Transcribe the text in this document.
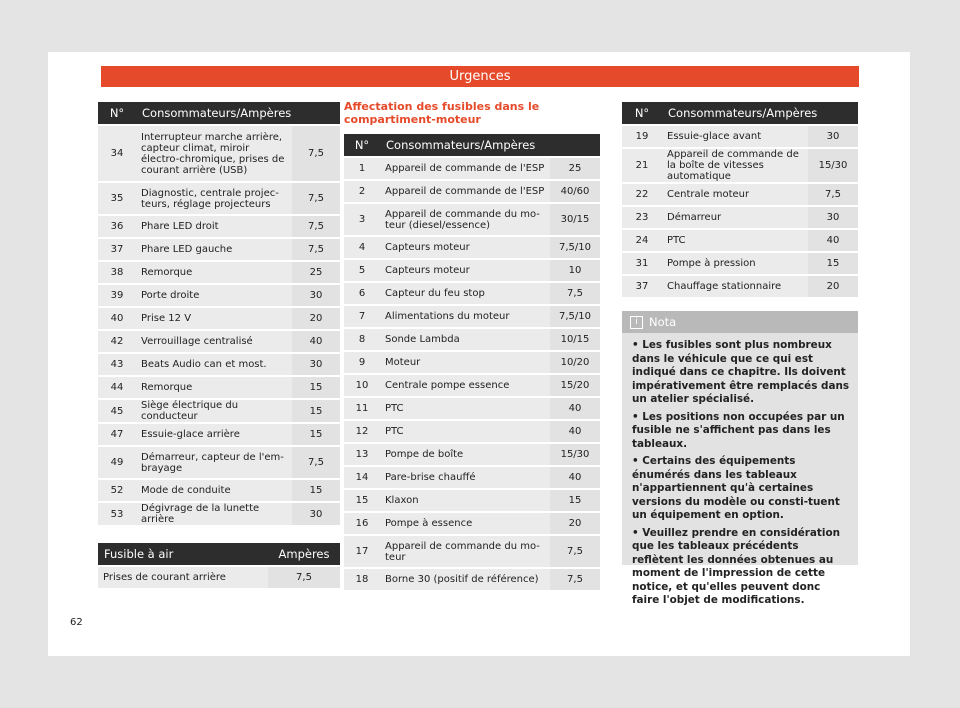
Urgences
N°	Consommateurs/Ampères	
34	Interrupteur marche arrière, capteur climat, miroir électro-chromique, prises de courant arrière (USB)	7,5
35	Diagnostic, centrale projec-teurs, réglage projecteurs	7,5
36	Phare LED droit	7,5
37	Phare LED gauche	7,5
38	Remorque	25
39	Porte droite	30
40	Prise 12 V	20
42	Verrouillage centralisé	40
43	Beats Audio can et most.	30
44	Remorque	15
45	Siège électrique du conducteur	15
47	Essuie-glace arrière	15
49	Démarreur, capteur de l'em-brayage	7,5
52	Mode de conduite	15
53	Dégivrage de la lunette arrière	30
Fusible à air	Ampères
Prises de courant arrière	7,5
Affectation des fusibles dans le compartiment-moteur
N°	Consommateurs/Ampères	
1	Appareil de commande de l'ESP	25
2	Appareil de commande de l'ESP	40/60
3	Appareil de commande du mo-teur (diesel/essence)	30/15
4	Capteurs moteur	7,5/10
5	Capteurs moteur	10
6	Capteur du feu stop	7,5
7	Alimentations du moteur	7,5/10
8	Sonde Lambda	10/15
9	Moteur	10/20
10	Centrale pompe essence	15/20
11	PTC	40
12	PTC	40
13	Pompe de boîte	15/30
14	Pare-brise chauffé	40
15	Klaxon	15
16	Pompe à essence	20
17	Appareil de commande du mo-teur	7,5
18	Borne 30 (positif de référence)	7,5
N°	Consommateurs/Ampères	
19	Essuie-glace avant	30
21	Appareil de commande de la boîte de vitesses automatique	15/30
22	Centrale moteur	7,5
23	Démarreur	30
24	PTC	40
31	Pompe à pression	15
37	Chauffage stationnaire	20
i Nota
• Les fusibles sont plus nombreux dans le véhicule que ce qui est indiqué dans ce chapitre. Ils doivent impérativement être remplacés dans un atelier spécialisé.
• Les positions non occupées par un fusible ne s'affichent pas dans les tableaux.
• Certains des équipements énumérés dans les tableaux n'appartiennent qu'à certaines versions du modèle ou consti-tuent un équipement en option.
• Veuillez prendre en considération que les tableaux précédents reflètent les données obtenues au moment de l'impression de cette notice, et qu'elles peuvent donc faire l'objet de modifications.
62
